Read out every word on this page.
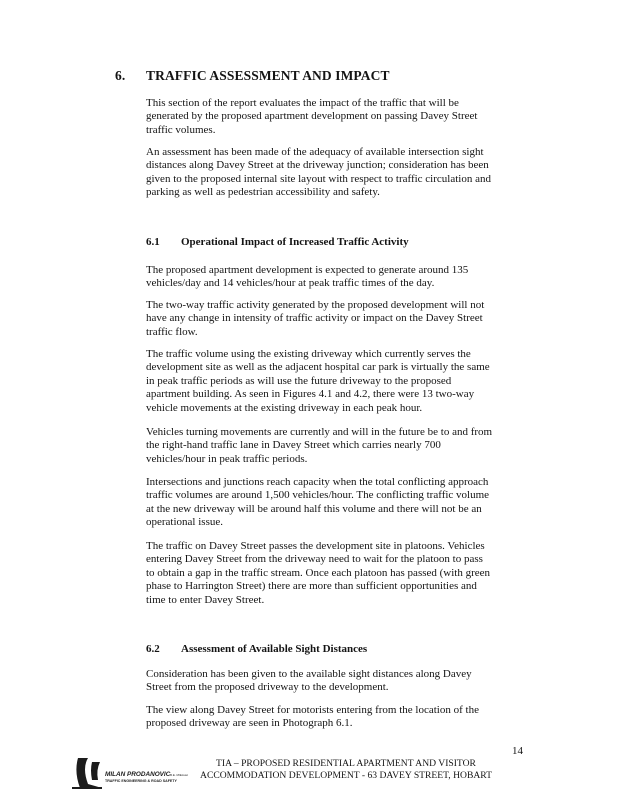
6. TRAFFIC ASSESSMENT AND IMPACT
This section of the report evaluates the impact of the traffic that will be
generated by the proposed apartment development on passing Davey Street
traffic volumes.
An assessment has been made of the adequacy of available intersection sight
distances along Davey Street at the driveway junction; consideration has been
given to the proposed internal site layout with respect to traffic circulation and
parking as well as pedestrian accessibility and safety.
6.1 Operational Impact of Increased Traffic Activity
The proposed apartment development is expected to generate around 135
vehicles/day and 14 vehicles/hour at peak traffic times of the day.
The two-way traffic activity generated by the proposed development will not
have any change in intensity of traffic activity or impact on the Davey Street
traffic flow.
The traffic volume using the existing driveway which currently serves the
development site as well as the adjacent hospital car park is virtually the same
in peak traffic periods as will use the future driveway to the proposed
apartment building. As seen in Figures 4.1 and 4.2, there were 13 two-way
vehicle movements at the existing driveway in each peak hour.
Vehicles turning movements are currently and will in the future be to and from
the right-hand traffic lane in Davey Street which carries nearly 700
vehicles/hour in peak traffic periods.
Intersections and junctions reach capacity when the total conflicting approach
traffic volumes are around 1,500 vehicles/hour. The conflicting traffic volume
at the new driveway will be around half this volume and there will not be an
operational issue.
The traffic on Davey Street passes the development site in platoons. Vehicles
entering Davey Street from the driveway need to wait for the platoon to pass
to obtain a gap in the traffic stream. Once each platoon has passed (with green
phase to Harrington Street) there are more than sufficient opportunities and
time to enter Davey Street.
6.2 Assessment of Available Sight Distances
Consideration has been given to the available sight distances along Davey
Street from the proposed driveway to the development.
The view along Davey Street for motorists entering from the location of the
proposed driveway are seen in Photograph 6.1.
14
MILAN PRODANOVIC B.E. MIEAust
TRAFFIC ENGINEERING & ROAD SAFETY
TIA – PROPOSED RESIDENTIAL APARTMENT AND VISITOR
ACCOMMODATION DEVELOPMENT - 63 DAVEY STREET, HOBART
